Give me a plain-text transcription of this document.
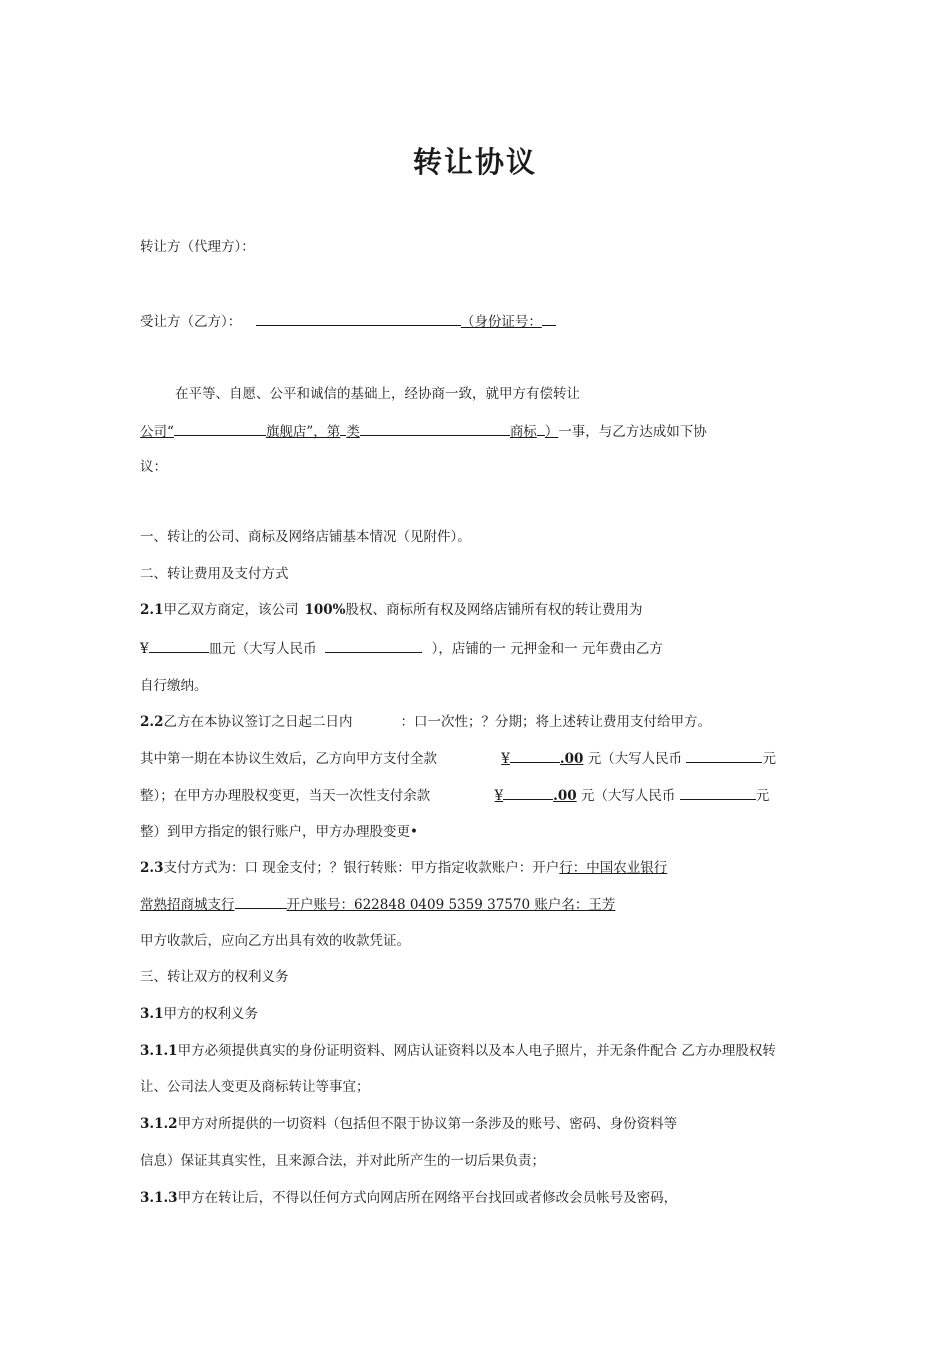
转让协议
转让方（代理方）：
受让方（乙方）：	（身份证号：
在平等、自愿、公平和诚信的基础上，经协商一致，就甲方有偿转让
公司“	旗舰店”，第 类	商标 ）一事，与乙方达成如下协
议：
一、转让的公司、商标及网络店铺基本情况（见附件）。
二、转让费用及支付方式
2.1甲乙双方商定，该公司 100%股权、商标所有权及网络店铺所有权的转让费用为
¥	皿元（大写人民币	），店铺的一 元押金和一 元年费由乙方
自行缴纳。
2.2乙方在本协议签订之日起二日内	：口一次性；？分期；将上述转让费用支付给甲方。
其中第一期在本协议生效后，乙方向甲方支付全款	¥	.00 元（大写人民币	元
整）；在甲方办理股权变更，当天一次性支付余款	¥	.00 元（大写人民币	元
整）到甲方指定的银行账户，甲方办理股变更•
2.3支付方式为：口 现金支付；？银行转账：甲方指定收款账户：开户行：中国农业银行
常熟招商城支行	开户账号：622848 0409 5359 37570 账户名：王芳
甲方收款后，应向乙方出具有效的收款凭证。
三、转让双方的权利义务
3.1甲方的权利义务
3.1.1甲方必须提供真实的身份证明资料、网店认证资料以及本人电子照片，并无条件配合 乙方办理股权转
让、公司法人变更及商标转让等事宜；
3.1.2甲方对所提供的一切资料（包括但不限于协议第一条涉及的账号、密码、身份资料等
信息）保证其真实性，且来源合法，并对此所产生的一切后果负责；
3.1.3甲方在转让后，不得以任何方式向网店所在网络平台找回或者修改会员帐号及密码，
